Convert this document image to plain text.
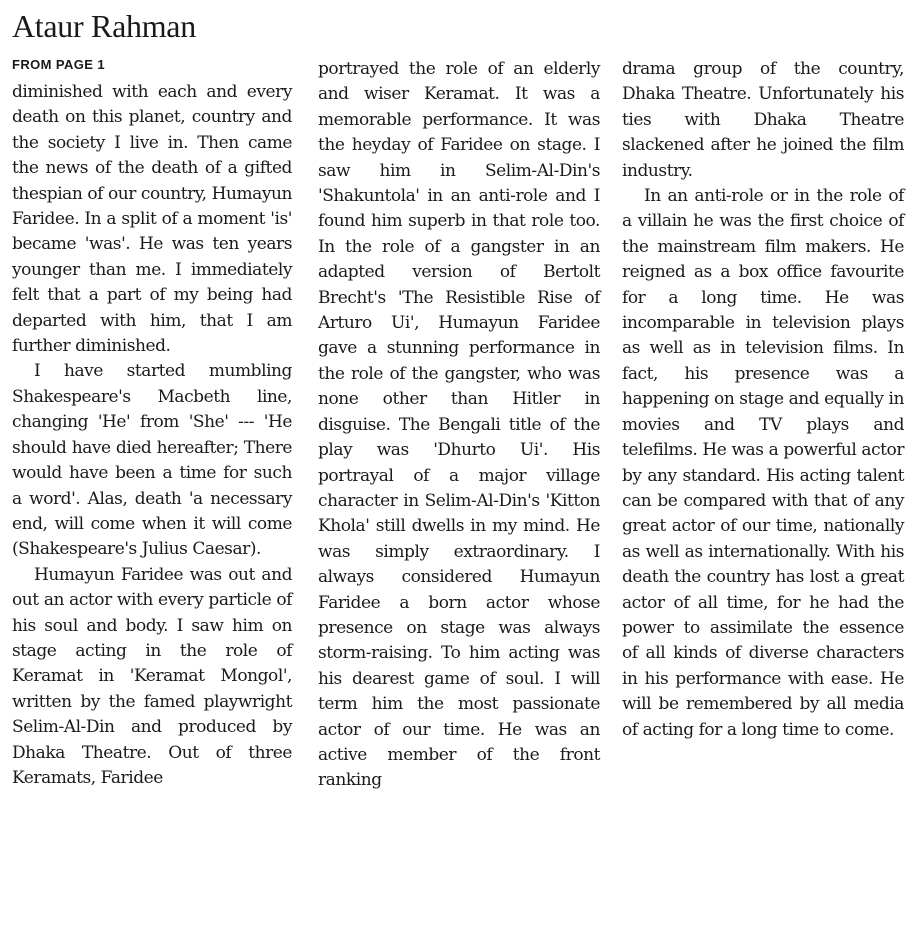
Ataur Rahman
FROM PAGE 1

diminished with each and every death on this planet, country and the society I live in. Then came the news of the death of a gifted thespian of our country, Humayun Faridee. In a split of a moment 'is' became 'was'. He was ten years younger than me. I immediately felt that a part of my being had departed with him, that I am further diminished.

I have started mumbling Shakespeare's Macbeth line, changing 'He' from 'She' --- 'He should have died hereafter; There would have been a time for such a word'. Alas, death 'a necessary end, will come when it will come (Shakespeare's Julius Caesar).

Humayun Faridee was out and out an actor with every particle of his soul and body. I saw him on stage acting in the role of Keramat in 'Keramat Mongol', written by the famed playwright Selim-Al-Din and produced by Dhaka Theatre. Out of three Keramats, Faridee

portrayed the role of an elderly and wiser Keramat. It was a memorable performance. It was the heyday of Faridee on stage. I saw him in Selim-Al-Din's 'Shakuntola' in an anti-role and I found him superb in that role too. In the role of a gangster in an adapted version of Bertolt Brecht's 'The Resistible Rise of Arturo Ui', Humayun Faridee gave a stunning performance in the role of the gangster, who was none other than Hitler in disguise. The Bengali title of the play was 'Dhurto Ui'. His portrayal of a major village character in Selim-Al-Din's 'Kitton Khola' still dwells in my mind. He was simply extraordinary. I always considered Humayun Faridee a born actor whose presence on stage was always storm-raising. To him acting was his dearest game of soul. I will term him the most passionate actor of our time. He was an active member of the front ranking

drama group of the country, Dhaka Theatre. Unfortunately his ties with Dhaka Theatre slackened after he joined the film industry.

In an anti-role or in the role of a villain he was the first choice of the mainstream film makers. He reigned as a box office favourite for a long time. He was incomparable in television plays as well as in television films. In fact, his presence was a happening on stage and equally in movies and TV plays and telefilms. He was a powerful actor by any standard. His acting talent can be compared with that of any great actor of our time, nationally as well as internationally. With his death the country has lost a great actor of all time, for he had the power to assimilate the essence of all kinds of diverse characters in his performance with ease. He will be remembered by all media of acting for a long time to come.
